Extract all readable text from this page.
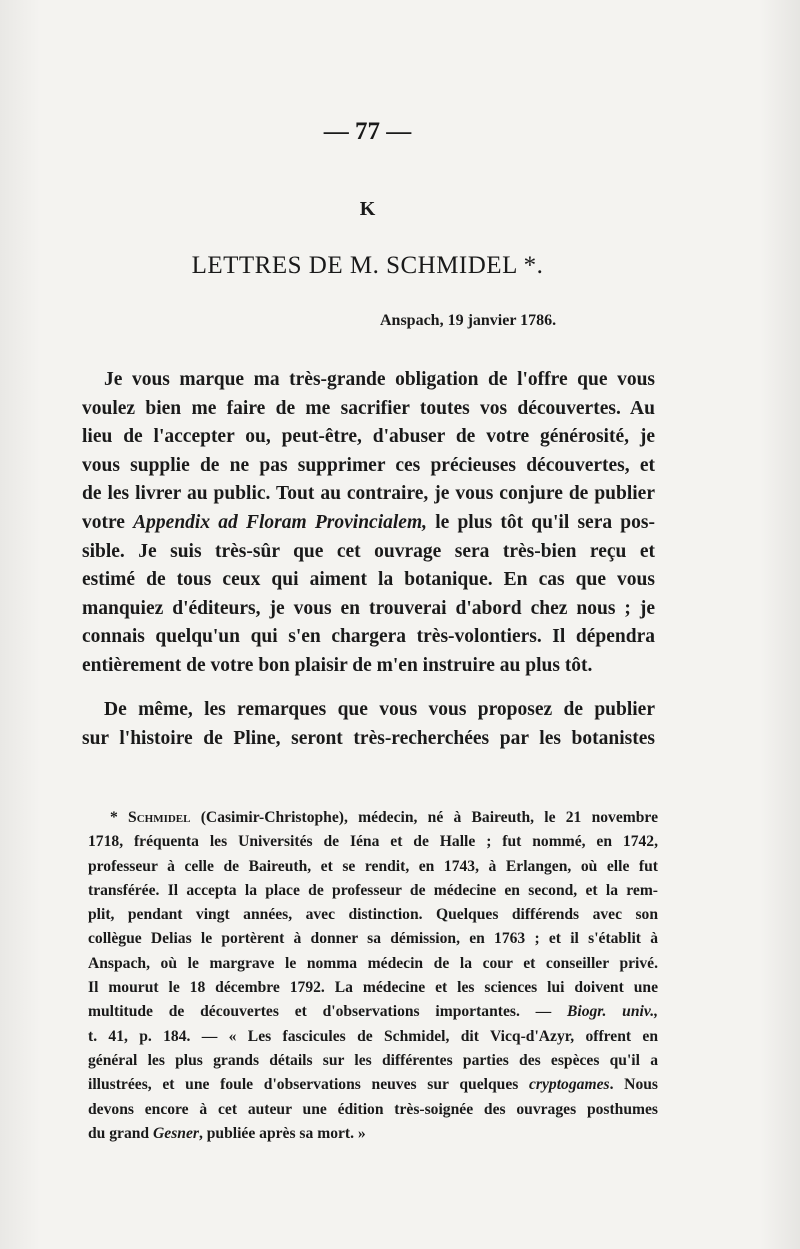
— 77 —
K
LETTRES DE M. SCHMIDEL *.
Anspach, 19 janvier 1786.
Je vous marque ma très-grande obligation de l'offre que vous
voulez bien me faire de me sacrifier toutes vos découvertes. Au
lieu de l'accepter ou, peut-être, d'abuser de votre générosité, je
vous supplie de ne pas supprimer ces précieuses découvertes, et
de les livrer au public. Tout au contraire, je vous conjure de publier
votre Appendix ad Floram Provincialem, le plus tôt qu'il sera pos-
sible. Je suis très-sûr que cet ouvrage sera très-bien reçu et
estimé de tous ceux qui aiment la botanique. En cas que vous
manquiez d'éditeurs, je vous en trouverai d'abord chez nous ; je
connais quelqu'un qui s'en chargera très-volontiers. Il dépendra
entièrement de votre bon plaisir de m'en instruire au plus tôt.
De même, les remarques que vous vous proposez de publier
sur l'histoire de Pline, seront très-recherchées par les botanistes
* Schmidel (Casimir-Christophe), médecin, né à Baireuth, le 21 novembre
1718, fréquenta les Universités de Iéna et de Halle ; fut nommé, en 1742,
professeur à celle de Baireuth, et se rendit, en 1743, à Erlangen, où elle fut
transférée. Il accepta la place de professeur de médecine en second, et la rem-
plit, pendant vingt années, avec distinction. Quelques différends avec son
collègue Delias le portèrent à donner sa démission, en 1763 ; et il s'établit à
Anspach, où le margrave le nomma médecin de la cour et conseiller privé.
Il mourut le 18 décembre 1792. La médecine et les sciences lui doivent une
multitude de découvertes et d'observations importantes. — Biogr. univ.,
t. 41, p. 184. — « Les fascicules de Schmidel, dit Vicq-d'Azyr, offrent en
général les plus grands détails sur les différentes parties des espèces qu'il a
illustrées, et une foule d'observations neuves sur quelques cryptogames. Nous
devons encore à cet auteur une édition très-soignée des ouvrages posthumes
du grand Gesner, publiée après sa mort. »
